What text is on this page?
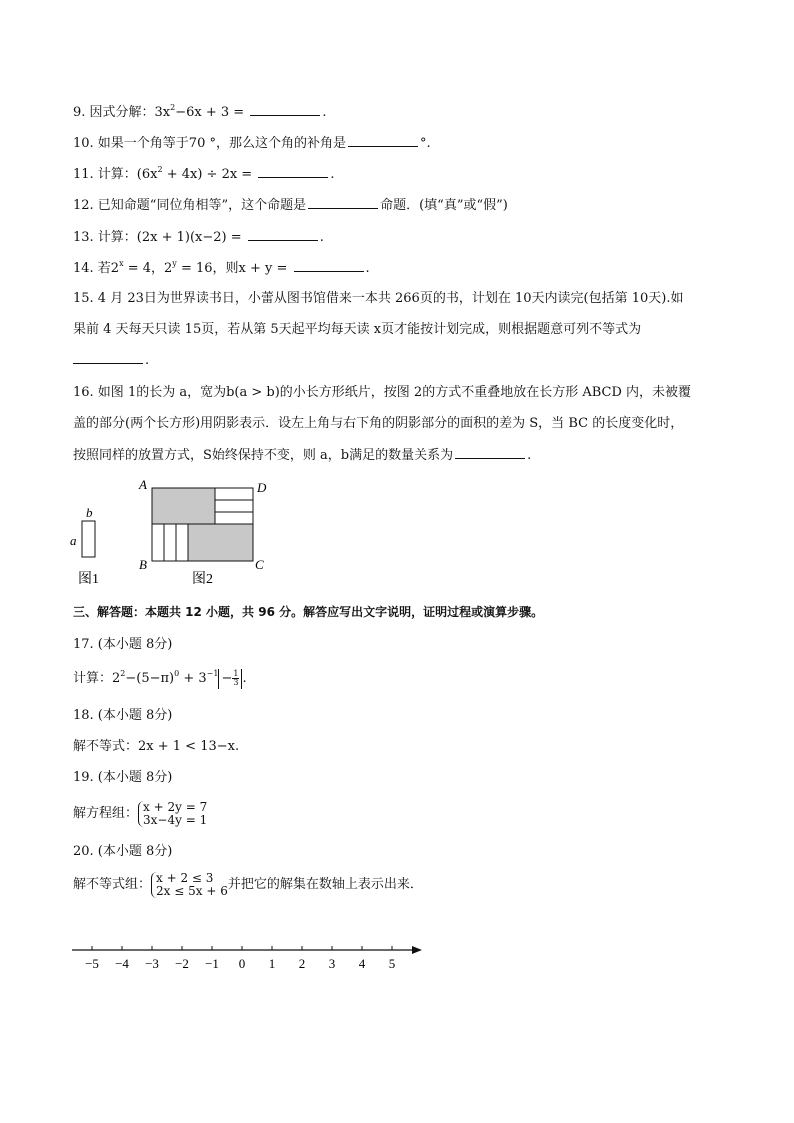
9. 因式分解：$3x^2-6x + 3$ =	.
10. 如果一个角等于70 °，那么这个角的补角是	°.
11. 计算：$(6x^2 + 4x) \div 2x$ =	.
12. 已知命题“同位角相等”，这个命题是	命题．(填“真”或“假”)
13. 计算：(2x + 1)(x−2) =	.
14. 若$2^x = 4$，$2^y = 16$，则x + y =	.
15. 4 月 23日为世界读书日，小蕾从图书馆借来一本共 266页的书，计划在 10天内读完(包括第 10天).如
果前 4 天每天只读 15页，若从第 5天起平均每天读 x页才能按计划完成，则根据题意可列不等式为
.
16. 如图 1的长为 a，宽为b(a > b)的小长方形纸片，按图 2的方式不重叠地放在长方形 ABCD 内，未被覆
盖的部分(两个长方形)用阴影表示．设左上角与右下角的阴影部分的面积的差为 S，当 BC 的长度变化时，
按照同样的放置方式，S始终保持不变，则 a，b满足的数量关系为	.
b
a
图1
A	D
B	C
图2
三、解答题：本题共 12 小题，共 96 分。解答应写出文字说明，证明过程或演算步骤。
17. (本小题 8分)
计算：$2^2-(5-\pi)^0 + 3^{-1} - \frac{1}{3}$ .
18. (本小题 8分)
解不等式：2x + 1 < 13−x.
19. (本小题 8分)
解方程组： x + 2y = 7
3x−4y = 1
20. (本小题 8分)
解不等式组： x + 2 ≤ 3
2x ≤ 5x + 6 并把它的解集在数轴上表示出来．
−5 −4 −3 −2 −1 0 1 2 3 4 5
